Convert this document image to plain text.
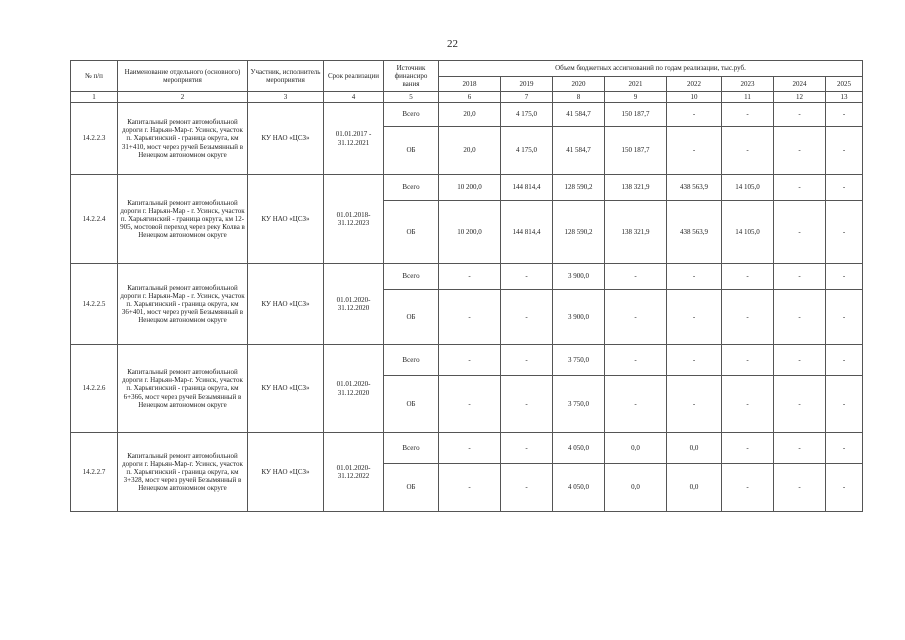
22
№ п/п	Наименование отдельного (основного) мероприятия	Участник, исполнитель мероприятия	Срок реализации	Источник финансиро вания	Объем бюджетных ассигнований по годам реализации, тыс.руб.							
					2018	2019	2020	2021	2022	2023	2024	2025
1	2	3	4	5	6	7	8	9	10	11	12	13
14.2.2.3	Капитальный ремонт автомобильной дороги г. Нарьян-Мар-г. Усинск, участок п. Харьягинский - граница округа, км 31+410, мост через ручей Безымянный в Ненецком автономном округе	КУ НАО «ЦСЗ»	01.01.2017 - 31.12.2021	Всего	20,0	4 175,0	41 584,7	150 187,7	-	-	-	-
				ОБ	20,0	4 175,0	41 584,7	150 187,7	-	-	-	-
14.2.2.4	Капитальный ремонт автомобильной дороги г. Нарьян-Мар - г. Усинск, участок п. Харьягинский - граница округа, км 12-905, мостовой переход через реку Колва в Ненецком автономном округе	КУ НАО «ЦСЗ»	01.01.2018-31.12.2023	Всего	10 200,0	144 814,4	128 590,2	138 321,9	438 563,9	14 105,0	-	-
				ОБ	10 200,0	144 814,4	128 590,2	138 321,9	438 563,9	14 105,0	-	-
14.2.2.5	Капитальный ремонт автомобильной дороги г. Нарьян-Мар - г. Усинск, участок п. Харьягинский - граница округа, км 36+401, мост через ручей Безымянный в Ненецком автономном округе	КУ НАО «ЦСЗ»	01.01.2020-31.12.2020	Всего	-	-	3 900,0	-	-	-	-	-
				ОБ	-	-	3 900,0	-	-	-	-	-
14.2.2.6	Капитальный ремонт автомобильной дороги г. Нарьян-Мар-г. Усинск, участок п. Харьягинский - граница округа, км 6+366, мост через ручей Безымянный в Ненецком автономном округе	КУ НАО «ЦСЗ»	01.01.2020-31.12.2020	Всего	-	-	3 750,0	-	-	-	-	-
				ОБ	-	-	3 750,0	-	-	-	-	-
14.2.2.7	Капитальный ремонт автомобильной дороги г. Нарьян-Мар-г. Усинск, участок п. Харьягинский - граница округа, км 3+328, мост через ручей Безымянный в Ненецком автономном округе	КУ НАО «ЦСЗ»	01.01.2020-31.12.2022	Всего	-	-	4 050,0	0,0	0,0	-	-	-
				ОБ	-	-	4 050,0	0,0	0,0	-	-	-
